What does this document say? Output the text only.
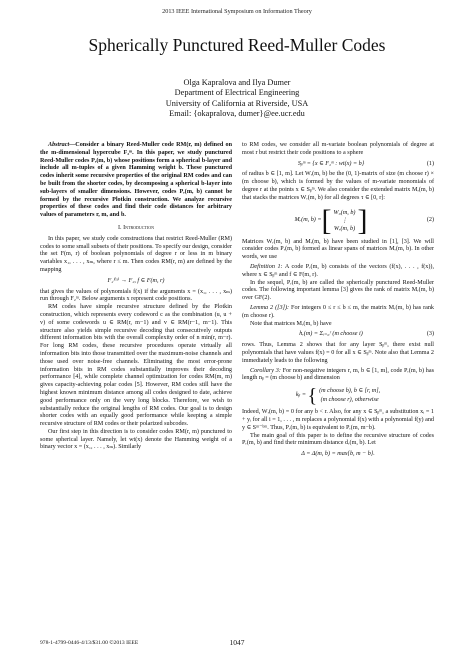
2013 IEEE International Symposium on Information Theory
Spherically Punctured Reed-Muller Codes
Olga Kapralova and Ilya Dumer
Department of Electrical Engineering
University of California at Riverside, USA
Email: {okapralova, dumer}@ee.ucr.edu

Abstract—Consider a binary Reed-Muller code RM(r, m) defined on the m-dimensional hypercube F₂ᵐ. In this paper, we study punctured Reed-Muller codes Pᵣ(m, b) whose positions form a spherical b-layer and include all m-tuples of a given Hamming weight b. These punctured codes inherit some recursive properties of the original RM codes and can be built from the shorter codes, by decomposing a spherical b-layer into sub-layers of smaller dimensions. However, codes Pᵣ(m, b) cannot be formed by the recursive Plotkin construction. We analyze recursive properties of these codes and find their code distances for arbitrary values of parameters r, m, and b.

I. Introduction

In this paper, we study code constructions that restrict Reed-Muller (RM) codes to some small subsets of their positions. To specify our design, consider the set F(m, r) of boolean polynomials of degree r or less in m binary variables x₁, . . . , xₘ, where r ≤ m. Then codes RM(r, m) are defined by the mapping

F₂ᶠ⁽ˣ⁾ → F₂, f ∈ F(m, r)

that gives the values of polynomials f(x) if the arguments x = (x₁, . . . , xₘ) run through F₂ᵐ. Below arguments x represent code positions.

RM codes have simple recursive structure defined by the Plotkin construction, which represents every codeword c as the combination (u, u + v) of some codewords u ∈ RM(r, m−1) and v ∈ RM(r−1, m−1). This structure also yields simple recursive decoding that consecutively outputs different information bits with the overall complexity order of n min(r, m−r). For long RM codes, these recursive procedures operate virtually all information bits into those transmitted over the maximum-noise channels and those used over noise-free channels. Eliminating the most error-prone information bits in RM codes substantially improves their decoding performance [4], while complete channel optimization for codes RM(m, m) gives capacity-achieving polar codes [5]. However, RM codes still have the highest known minimum distance among all codes designed to date, achieve good performance only on the very long blocks. Therefore, we wish to substantially reduce the original lengths of RM codes. Our goal is to design shorter codes with an equally good performance while keeping a simple recursive structure of RM codes or their polarized subcodes.

Our first step in this direction is to consider codes RM(r, m) punctured to some spherical layer. Namely, let wt(x) denote the Hamming weight of a binary vector x = (x₁, . . . , xₘ). Similarly

to RM codes, we consider all m-variate boolean polynomials of degree at most r but restrict their code positions to a sphere

Sᵦᵐ = {x ∈ F₂ᵐ : wt(x) = b}	(1)

of radius b ∈ [1, m]. Let Wᵣ(m, b) be the (0, 1)-matrix of size (m choose r) × (m choose b), which is formed by the values of m-variate monomials of degree r at the points x ∈ Sᵦᵐ. We also consider the extended matrix Mᵣ(m, b) that stacks the matrices Wᵣ(m, b) for all degrees τ ∈ [0, r]:

Mᵣ(m, b) = [ W₀(m, b)
⋮
Wᵣ(m, b) ]	(2)

Matrices Wᵣ(m, b) and Mᵣ(m, b) have been studied in [1], [3]. We will consider codes Pᵣ(m, b) formed as linear spans of matrices Mᵣ(m, b). In other words, we use

Definition 1: A code Pᵣ(m, b) consists of the vectors (f(x), . . . , f(x)), where x ∈ Sᵦᵐ and f ∈ F(m, r).

In the sequel, Pᵣ(m, b) are called the spherically punctured Reed-Muller codes. The following important lemma [3] gives the rank of matrix Mᵣ(m, b) over GF(2).

Lemma 2 ([3]): For integers 0 ≤ r ≤ b ≤ m, the matrix Mᵣ(m, b) has rank (m choose r).

Note that matrices Mᵣ(m, b) have

hᵣ(m) = Σᵢ₌₀ʳ (m choose i)	(3)

rows. Thus, Lemma 2 shows that for any layer Sᵦᵐ, there exist null polynomials that have values f(x) = 0 for all x ∈ Sᵦᵐ. Note also that Lemma 2 immediately leads to the following

Corollary 3: For non-negative integers r, m, b ∈ [1, m], code Pᵣ(m, b) has length nᵦ = (m choose b) and dimension

kᵦ =
{ (m choose b), b ∈ [r, m],
(m choose r), otherwise

Indeed, Wᵣ(m, b) = 0 for any b < r. Also, for any x ∈ Sᵦᵐ, a substitution xᵢ = 1 + yᵢ for all i = 1, . . . , m replaces a polynomial f(x) with a polynomial f(y) and y ∈ Sᵐ⁻ᵇᵐ. Thus, Pᵣ(m, b) is equivalent to Pᵣ(m, m−b).

The main goal of this paper is to define the recursive structure of codes Pᵣ(m, b) and find their minimum distance dᵣ(m, b). Let

Δ = Δ(m, b) = max{b, m − b}.
978-1-4799-0446-4/13/$31.00 ©2013 IEEE	1047
